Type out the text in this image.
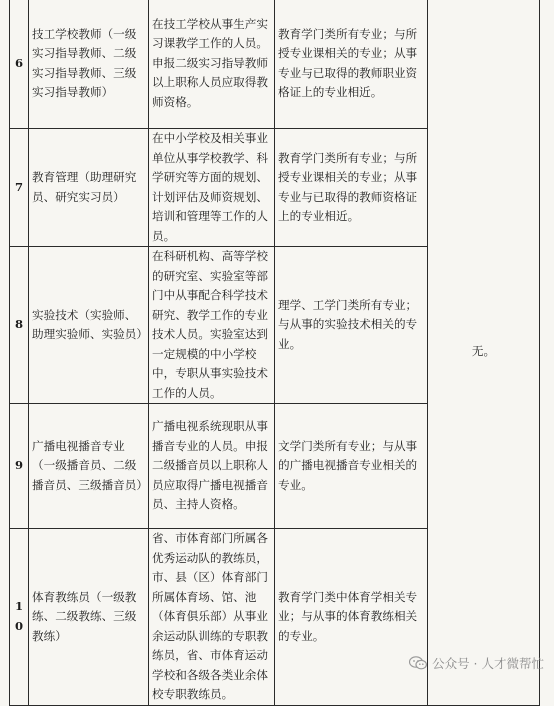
6	技工学校教师（一级实习指导教师、二级实习指导教师、三级实习指导教师）	在技工学校从事生产实习课教学工作的人员。申报二级实习指导教师以上职称人员应取得教师资格。	教育学门类所有专业；与所授专业课相关的专业；从事专业与已取得的教师职业资格证上的专业相近。	无。
7	教育管理（助理研究员、研究实习员）	在中小学校及相关事业单位从事学校教学、科学研究等方面的规划、计划评估及师资规划、培训和管理等工作的人员。	教育学门类所有专业；与所授专业课相关的专业；从事专业与已取得的教师资格证上的专业相近。	
8	实验技术（实验师、助理实验师、实验员）	在科研机构、高等学校的研究室、实验室等部门中从事配合科学技术研究、教学工作的专业技术人员。实验室达到一定规模的中小学校中，专职从事实验技术工作的人员。	理学、工学门类所有专业；与从事的实验技术相关的专业。	
9	广播电视播音专业（一级播音员、二级播音员、三级播音员）	广播电视系统现职从事播音专业的人员。申报二级播音员以上职称人员应取得广播电视播音员、主持人资格。	文学门类所有专业；与从事的广播电视播音专业相关的专业。	
10	体育教练员（一级教练、二级教练、三级教练）	省、市体育部门所属各优秀运动队的教练员，市、县（区）体育部门所属体育场、馆、池（体育俱乐部）从事业余运动队训练的专职教练员，省、市体育运动学校和各级各类业余体校专职教练员。	教育学门类中体育学相关专业；与从事的体育教练相关的专业。	
公众号 · 人才微帮忙
